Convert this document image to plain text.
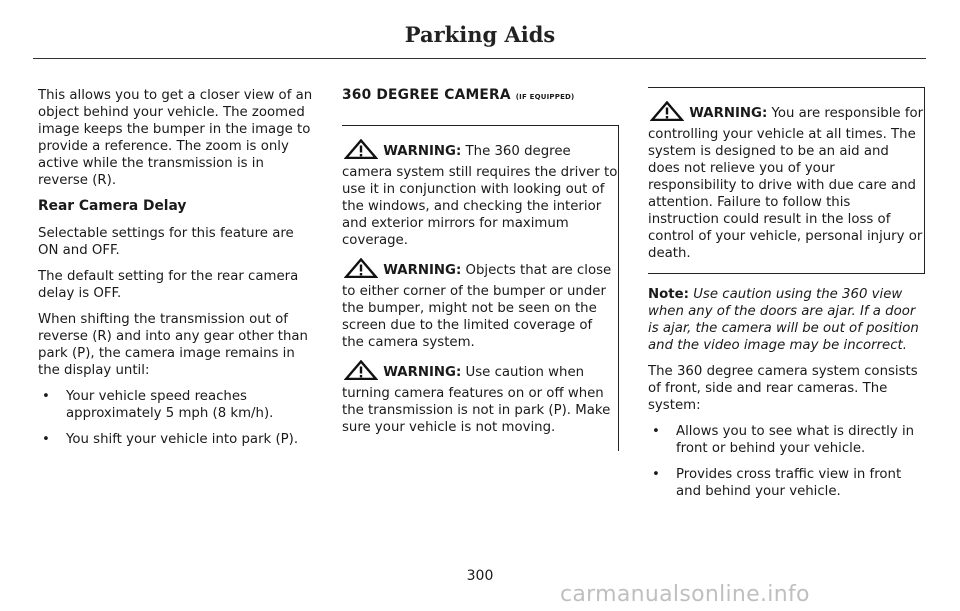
Parking Aids

This allows you to get a closer view of an object behind your vehicle. The zoomed image keeps the bumper in the image to provide a reference. The zoom is only active while the transmission is in reverse (R).

Rear Camera Delay

Selectable settings for this feature are ON and OFF.

The default setting for the rear camera delay is OFF.

When shifting the transmission out of reverse (R) and into any gear other than park (P), the camera image remains in the display until:

• Your vehicle speed reaches approximately 5 mph (8 km/h).
• You shift your vehicle into park (P).
360 DEGREE CAMERA (IF EQUIPPED)

WARNING: The 360 degree camera system still requires the driver to use it in conjunction with looking out of the windows, and checking the interior and exterior mirrors for maximum coverage.

WARNING: Objects that are close to either corner of the bumper or under the bumper, might not be seen on the screen due to the limited coverage of the camera system.

WARNING: Use caution when turning camera features on or off when the transmission is not in park (P). Make sure your vehicle is not moving.

WARNING: You are responsible for controlling your vehicle at all times. The system is designed to be an aid and does not relieve you of your responsibility to drive with due care and attention. Failure to follow this instruction could result in the loss of control of your vehicle, personal injury or death.

Note: Use caution using the 360 view when any of the doors are ajar. If a door is ajar, the camera will be out of position and the video image may be incorrect.

The 360 degree camera system consists of front, side and rear cameras. The system:

• Allows you to see what is directly in front or behind your vehicle.
• Provides cross traffic view in front and behind your vehicle.
300
carmanualsonline.info
